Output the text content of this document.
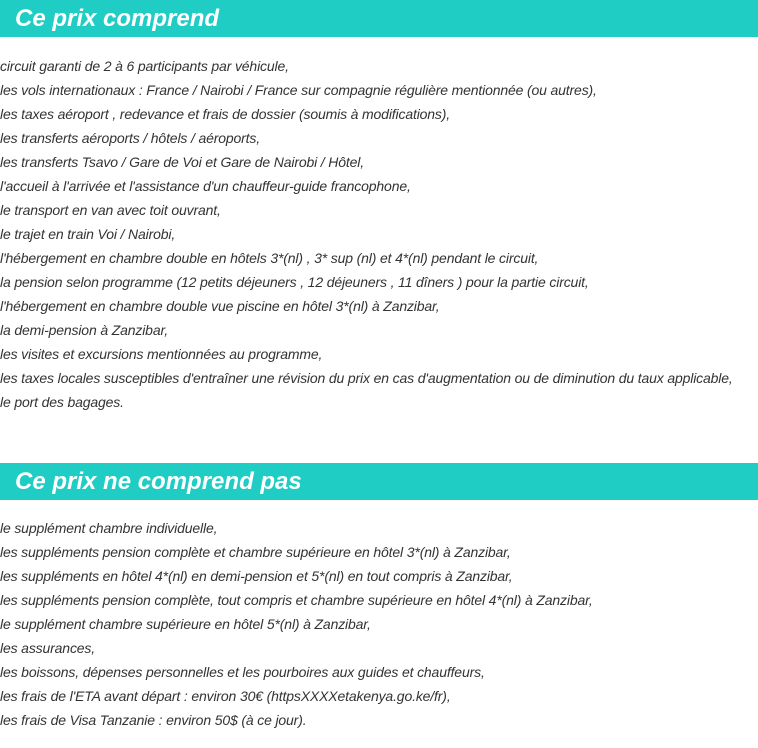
Ce prix comprend
circuit garanti de 2 à 6 participants par véhicule,
les vols internationaux : France / Nairobi / France sur compagnie régulière mentionnée (ou autres),
les taxes aéroport , redevance et frais de dossier (soumis à modifications),
les transferts aéroports / hôtels / aéroports,
les transferts Tsavo / Gare de Voi et Gare de Nairobi / Hôtel,
l'accueil à l'arrivée et l'assistance d'un chauffeur-guide francophone,
le transport en van avec toit ouvrant,
le trajet en train Voi / Nairobi,
l'hébergement en chambre double en hôtels 3*(nl) , 3* sup (nl) et 4*(nl) pendant le circuit,
la pension selon programme (12 petits déjeuners , 12 déjeuners , 11 dîners ) pour la partie circuit,
l'hébergement en chambre double vue piscine en hôtel 3*(nl) à Zanzibar,
la demi-pension à Zanzibar,
les visites et excursions mentionnées au programme,
les taxes locales susceptibles d'entraîner une révision du prix en cas d'augmentation ou de diminution du taux applicable,
le port des bagages.
Ce prix ne comprend pas
le supplément chambre individuelle,
les suppléments pension complète et chambre supérieure en hôtel 3*(nl) à Zanzibar,
les suppléments en hôtel 4*(nl) en demi-pension et 5*(nl) en tout compris à Zanzibar,
les suppléments pension complète, tout compris et chambre supérieure en hôtel 4*(nl) à Zanzibar,
le supplément chambre supérieure en hôtel 5*(nl) à Zanzibar,
les assurances,
les boissons, dépenses personnelles et les pourboires aux guides et chauffeurs,
les frais de l'ETA avant départ : environ 30€ (httpsXXXXetakenya.go.ke/fr),
les frais de Visa Tanzanie : environ 50$ (à ce jour).
